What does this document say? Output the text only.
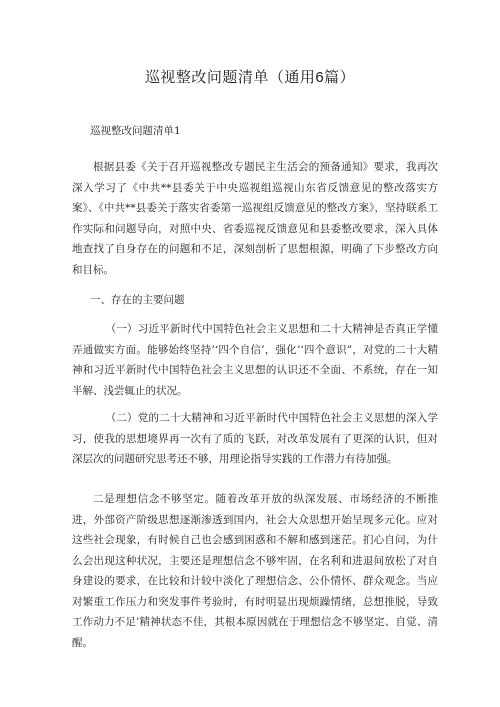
巡视整改问题清单（通用6篇）
巡视整改问题清单1

根据县委《关于召开巡视整改专题民主生活会的预备通知》要求，我再次深入学习了《中共**县委关于中央巡视组巡视山东省反馈意见的整改落实方案》、《中共**县委关于落实省委第一巡视组反馈意见的整改方案》，坚持联系工作实际和问题导向，对照中央、省委巡视反馈意见和县委整改要求，深入具体地查找了自身存在的问题和不足，深刻剖析了思想根源，明确了下步整改方向和目标。

一、存在的主要问题

（一）习近平新时代中国特色社会主义思想和二十大精神是否真正学懂弄通做实方面。能够始终坚持’‘四个自信’，强化’‘四个意识”，对党的二十大精神和习近平新时代中国特色社会主义思想的认识还不全面、不系统，存在一知半解、浅尝辄止的状况。

（二）党的二十大精神和习近平新时代中国特色社会主义思想的深入学习，使我的思想境界再一次有了质的飞跃，对改革发展有了更深的认识，但对深层次的问题研究思考还不够，用理论指导实践的工作潜力有待加强。

二是理想信念不够坚定。随着改革开放的纵深发展、市场经济的不断推进，外部资产阶级思想逐渐渗透到国内，社会大众思想开始呈现多元化。应对这些社会现象，有时候自己也会感到困惑和不解和感到迷茫。扪心自问，为什么会出现这种状况，主要还是理想信念不够牢固，在名利和进退间放松了对自身建设的要求，在比较和计较中淡化了理想信念、公仆情怀、群众观念。当应对繁重工作压力和突发事件考验时，有时明显出现烦躁情绪，总想推脱，导致工作动力不足’精神状态不佳，其根本原因就在于理想信念不够坚定、自觉、清醒。
